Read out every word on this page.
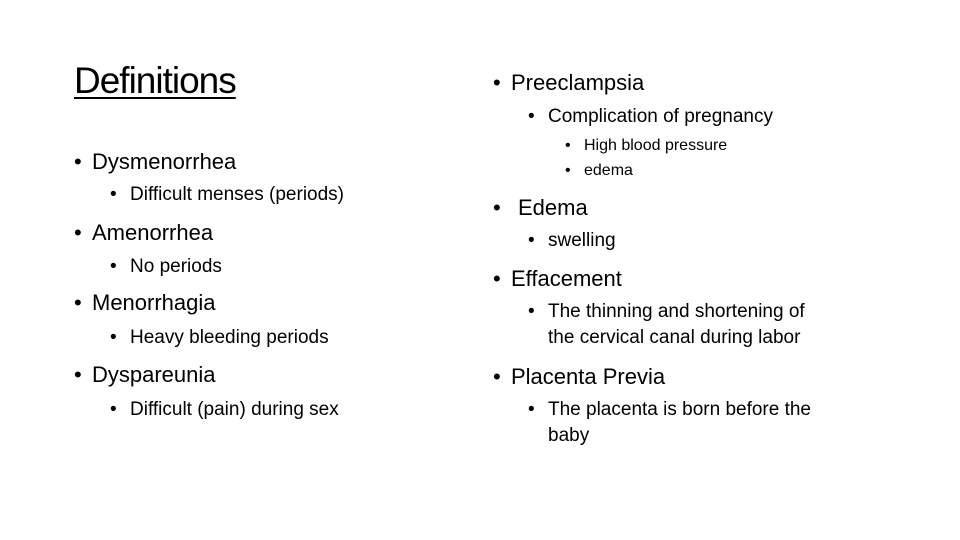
Definitions
• Dysmenorrhea
• Difficult menses (periods)
• Amenorrhea
• No periods
• Menorrhagia
• Heavy bleeding periods
• Dyspareunia
• Difficult (pain) during sex
• Preeclampsia
• Complication of pregnancy
• High blood pressure
• edema
• Edema
• swelling
• Effacement
• The thinning and shortening of
the cervical canal during labor
• Placenta Previa
• The placenta is born before the
baby
